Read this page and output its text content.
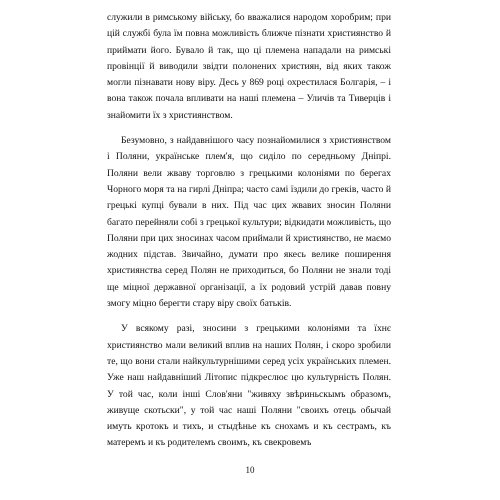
служили в римському війську, бо вважалися народом хоробрим; при цій службі була їм повна можливість ближче пізнати християнство й приймати його. Бувало й так, що ці племена нападали на римські провінції й виводили звідти полонених християн, від яких також могли пізнавати нову віру. Десь у 869 році охрестилася Болгарія, – і вона також почала впливати на наші племена – Уличів та Тиверців і знайомити їх з християнством.

Безумовно, з найдавнішого часу познайомилися з християнством і Поляни, українське плем'я, що сиділо по середньому Дніпрі. Поляни вели жваву торговлю з грецькими колоніями по берегах Чорного моря та на гирлі Дніпра; часто самі їздили до греків, часто й грецькі купці бували в них. Під час цих жвавих зносин Поляни багато перейняли собі з грецької культури; відкидати можливість, що Поляни при цих зносинах часом приймали й християнство, не маємо жодних підстав. Звичайно, думати про якесь велике поширення християнства серед Полян не приходиться, бо Поляни не знали тоді ще міцної державної організації, а їх родовий устрій давав повну змогу міцно берегти стару віру своїх батьків.

У всякому разі, зносини з грецькими колоніями та їхнє християнство мали великий вплив на наших Полян, і скоро зробили те, що вони стали найкультурнішими серед усіх українських племен. Уже наш найдавніший Літопис підкреслює цю культурність Полян. У той час, коли інші Слов'яни "живяху звѣриньскымъ образомъ, живуще скотьски", у той час наші Поляни "своихъ отець обычай имуть кротокъ и тихъ, и стыдѣнье къ снохамъ и къ сестрамъ, къ матеремъ и къ родителемъ своимъ, къ свекровемъ

10
